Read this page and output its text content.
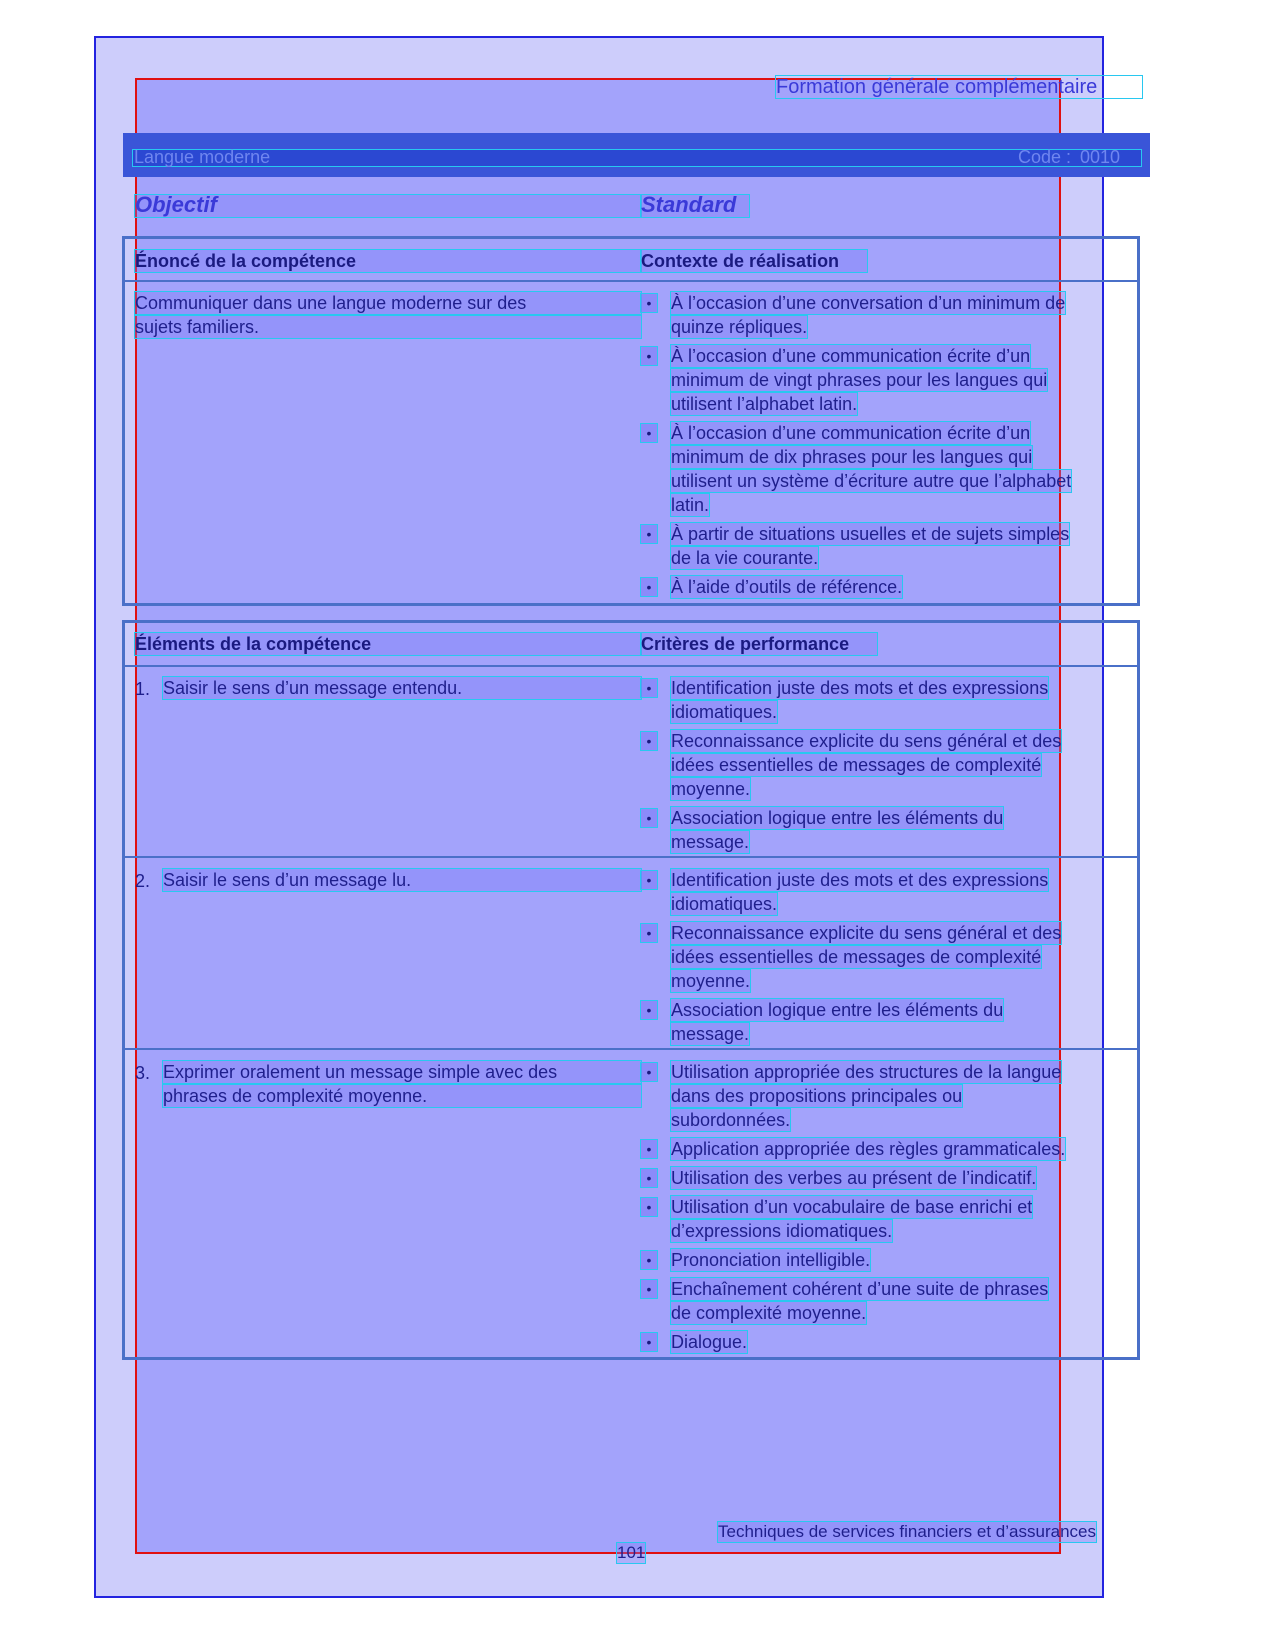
Formation générale complémentaire
Langue moderne	Code : 0010
Objectif	Standard
Énoncé de la compétence	Contexte de réalisation
Communiquer dans une langue moderne sur des
sujets familiers.
•	À l’occasion d’une conversation d’un minimum de
quinze répliques.
•	À l’occasion d’une communication écrite d’un
minimum de vingt phrases pour les langues qui
utilisent l’alphabet latin.
•	À l’occasion d’une communication écrite d’un
minimum de dix phrases pour les langues qui
utilisent un système d’écriture autre que l’alphabet
latin.
•	À partir de situations usuelles et de sujets simples
de la vie courante.
•	À l’aide d’outils de référence.
Éléments de la compétence	Critères de performance
1. Saisir le sens d’un message entendu.	•	Identification juste des mots et des expressions
idiomatiques.
•	Reconnaissance explicite du sens général et des
idées essentielles de messages de complexité
moyenne.
•	Association logique entre les éléments du
message.
2. Saisir le sens d’un message lu.	•	Identification juste des mots et des expressions
idiomatiques.
•	Reconnaissance explicite du sens général et des
idées essentielles de messages de complexité
moyenne.
•	Association logique entre les éléments du
message.
3. Exprimer oralement un message simple avec des
phrases de complexité moyenne.
•	Utilisation appropriée des structures de la langue
dans des propositions principales ou
subordonnées.
•	Application appropriée des règles grammaticales.
•	Utilisation des verbes au présent de l’indicatif.
•	Utilisation d’un vocabulaire de base enrichi et
d’expressions idiomatiques.
•	Prononciation intelligible.
•	Enchaînement cohérent d’une suite de phrases
de complexité moyenne.
•	Dialogue.
Techniques de services financiers et d’assurances
101
